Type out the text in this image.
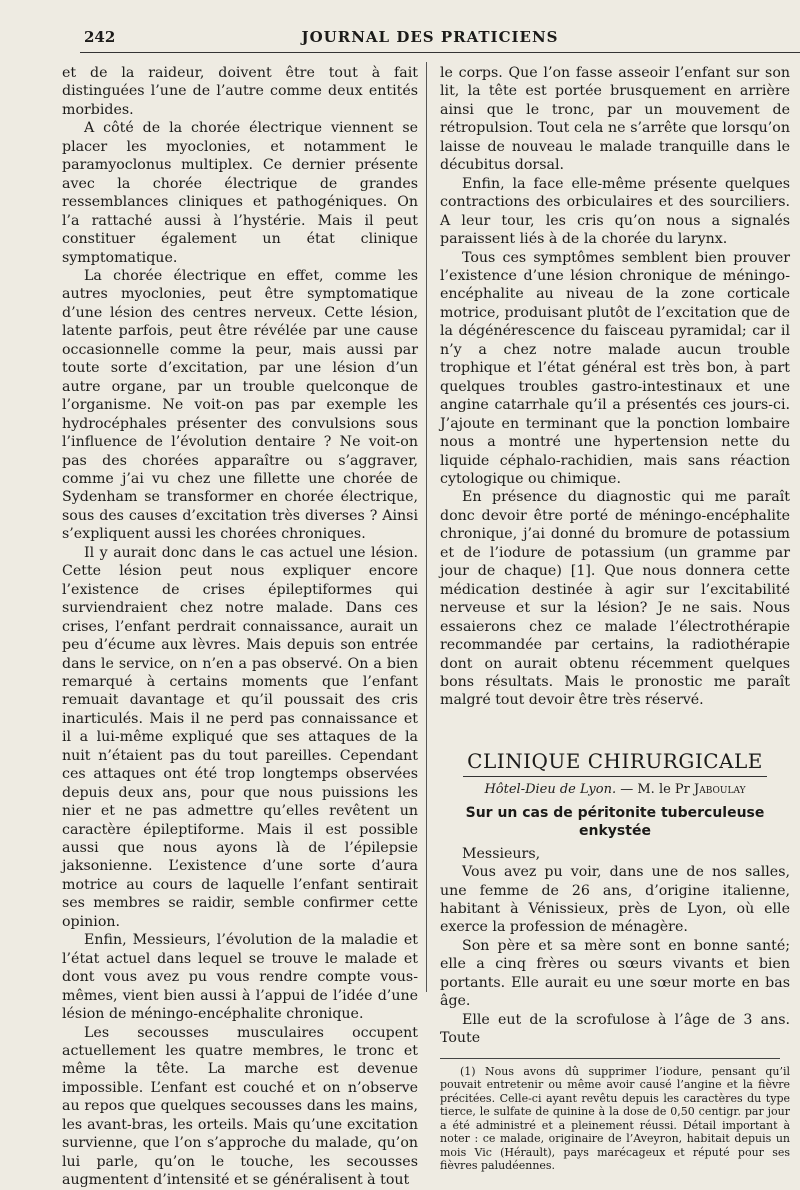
242	JOURNAL DES PRATICIENS

et de la raideur, doivent être tout à fait distinguées l’une de l’autre comme deux entités morbides.

A côté de la chorée électrique viennent se placer les myoclonies, et notamment le paramyoclonus multiplex. Ce dernier présente avec la chorée électrique de grandes ressemblances cliniques et pathogéniques. On l’a rattaché aussi à l’hystérie. Mais il peut constituer également un état clinique symptomatique.

La chorée électrique en effet, comme les autres myoclonies, peut être symptomatique d’une lésion des centres nerveux. Cette lésion, latente parfois, peut être révélée par une cause occasionnelle comme la peur, mais aussi par toute sorte d’excitation, par une lésion d’un autre organe, par un trouble quelconque de l’organisme. Ne voit-on pas par exemple les hydrocéphales présenter des convulsions sous l’influence de l’évolution dentaire ? Ne voit-on pas des chorées apparaître ou s’aggraver, comme j’ai vu chez une fillette une chorée de Sydenham se transformer en chorée électrique, sous des causes d’excitation très diverses ? Ainsi s’expliquent aussi les chorées chroniques.

Il y aurait donc dans le cas actuel une lésion. Cette lésion peut nous expliquer encore l’existence de crises épileptiformes qui surviendraient chez notre malade. Dans ces crises, l’enfant perdrait connaissance, aurait un peu d’écume aux lèvres. Mais depuis son entrée dans le service, on n’en a pas observé. On a bien remarqué à certains moments que l’enfant remuait davantage et qu’il poussait des cris inarticulés. Mais il ne perd pas connaissance et il a lui-même expliqué que ses attaques de la nuit n’étaient pas du tout pareilles. Cependant ces attaques ont été trop longtemps observées depuis deux ans, pour que nous puissions les nier et ne pas admettre qu’elles revêtent un caractère épileptiforme. Mais il est possible aussi que nous ayons là de l’épilepsie jaksonienne. L’existence d’une sorte d’aura motrice au cours de laquelle l’enfant sentirait ses membres se raidir, semble confirmer cette opinion.

Enfin, Messieurs, l’évolution de la maladie et l’état actuel dans lequel se trouve le malade et dont vous avez pu vous rendre compte vous-mêmes, vient bien aussi à l’appui de l’idée d’une lésion de méningo-encéphalite chronique.

Les secousses musculaires occupent actuellement les quatre membres, le tronc et même la tête. La marche est devenue impossible. L’enfant est couché et on n’observe au repos que quelques secousses dans les mains, les avant-bras, les orteils. Mais qu’une excitation survienne, que l’on s’approche du malade, qu’on lui parle, qu’on le touche, les secousses augmentent d’intensité et se généralisent à tout

le corps. Que l’on fasse asseoir l’enfant sur son lit, la tête est portée brusquement en arrière ainsi que le tronc, par un mouvement de rétropulsion. Tout cela ne s’arrête que lorsqu’on laisse de nouveau le malade tranquille dans le décubitus dorsal.

Enfin, la face elle-même présente quelques contractions des orbiculaires et des sourciliers. A leur tour, les cris qu’on nous a signalés paraissent liés à de la chorée du larynx.

Tous ces symptômes semblent bien prouver l’existence d’une lésion chronique de méningo-encéphalite au niveau de la zone corticale motrice, produisant plutôt de l’excitation que de la dégénérescence du faisceau pyramidal; car il n’y a chez notre malade aucun trouble trophique et l’état général est très bon, à part quelques troubles gastro-intestinaux et une angine catarrhale qu’il a présentés ces jours-ci. J’ajoute en terminant que la ponction lombaire nous a montré une hypertension nette du liquide céphalo-rachidien, mais sans réaction cytologique ou chimique.

En présence du diagnostic qui me paraît donc devoir être porté de méningo-encéphalite chronique, j’ai donné du bromure de potassium et de l’iodure de potassium (un gramme par jour de chaque) [1]. Que nous donnera cette médication destinée à agir sur l’excitabilité nerveuse et sur la lésion? Je ne sais. Nous essaierons chez ce malade l’électrothérapie recommandée par certains, la radiothérapie dont on aurait obtenu récemment quelques bons résultats. Mais le pronostic me paraît malgré tout devoir être très réservé.

CLINIQUE CHIRURGICALE
Hôtel-Dieu de Lyon. — M. le Pr Jaboulay
Sur un cas de péritonite tuberculeuse enkystée

Messieurs,

Vous avez pu voir, dans une de nos salles, une femme de 26 ans, d’origine italienne, habitant à Vénissieux, près de Lyon, où elle exerce la profession de ménagère.

Son père et sa mère sont en bonne santé; elle a cinq frères ou sœurs vivants et bien portants. Elle aurait eu une sœur morte en bas âge.

Elle eut de la scrofulose à l’âge de 3 ans. Toute

(1) Nous avons dû supprimer l’iodure, pensant qu’il pouvait entretenir ou même avoir causé l’angine et la fièvre précitées. Celle-ci ayant revêtu depuis les caractères du type tierce, le sulfate de quinine à la dose de 0,50 centigr. par jour a été administré et a pleinement réussi. Détail important à noter : ce malade, originaire de l’Aveyron, habitait depuis un mois Vic (Hérault), pays marécageux et réputé pour ses fièvres paludéennes.
